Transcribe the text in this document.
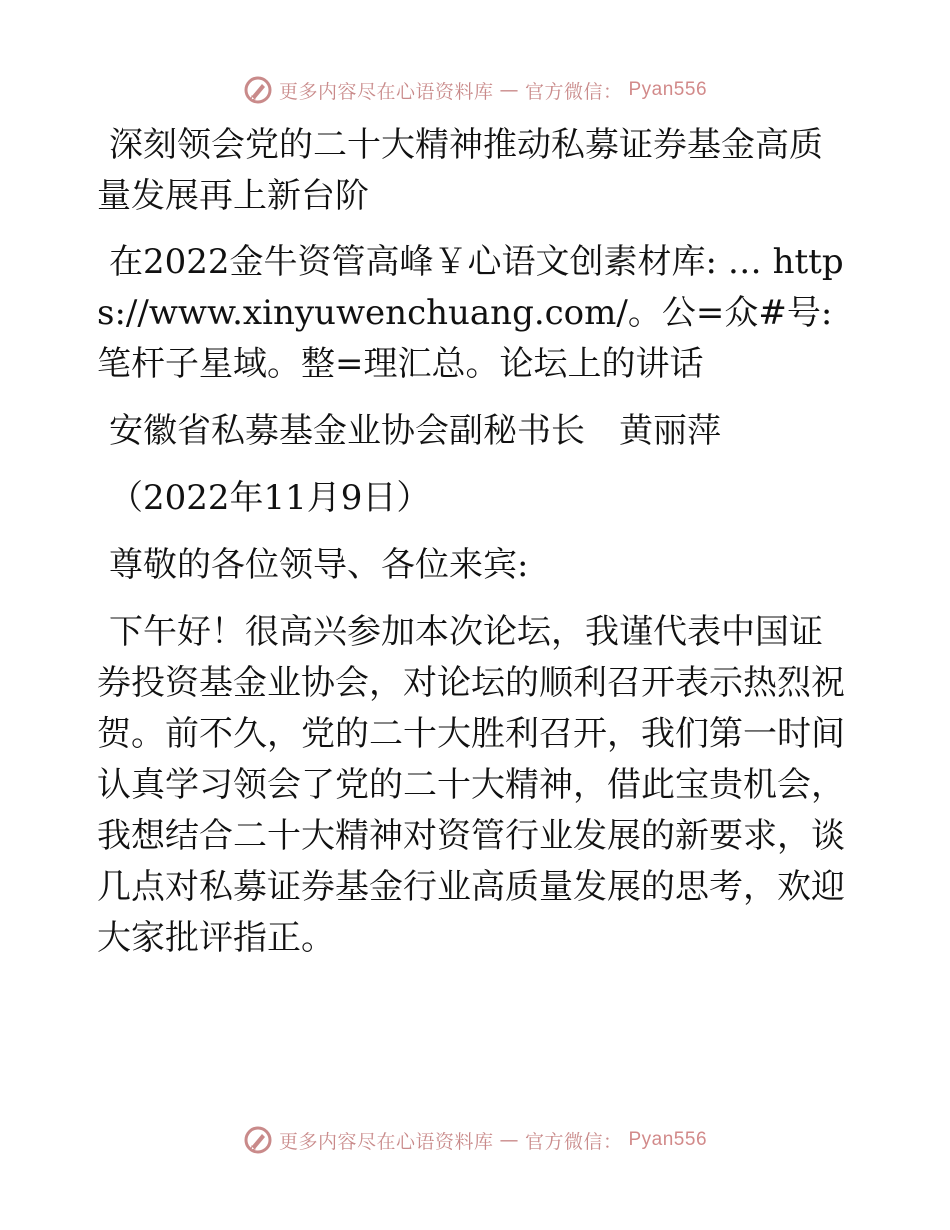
更多内容尽在心语资料库 — 官方微信： Pyan556

深刻领会党的二十大精神推动私募证券基金高质量发展再上新台阶

在2022金牛资管高峰￥心语文创素材库: … https://www.xinyuwenchuang.com/。公=众#号: 笔杆子星域。整=理汇总。论坛上的讲话

安徽省私募基金业协会副秘书长　黄丽萍

（2022年11月9日）

尊敬的各位领导、各位来宾:

下午好！很高兴参加本次论坛，我谨代表中国证券投资基金业协会，对论坛的顺利召开表示热烈祝贺。前不久，党的二十大胜利召开，我们第一时间认真学习领会了党的二十大精神，借此宝贵机会，我想结合二十大精神对资管行业发展的新要求，谈几点对私募证券基金行业高质量发展的思考，欢迎大家批评指正。

更多内容尽在心语资料库 — 官方微信： Pyan556
